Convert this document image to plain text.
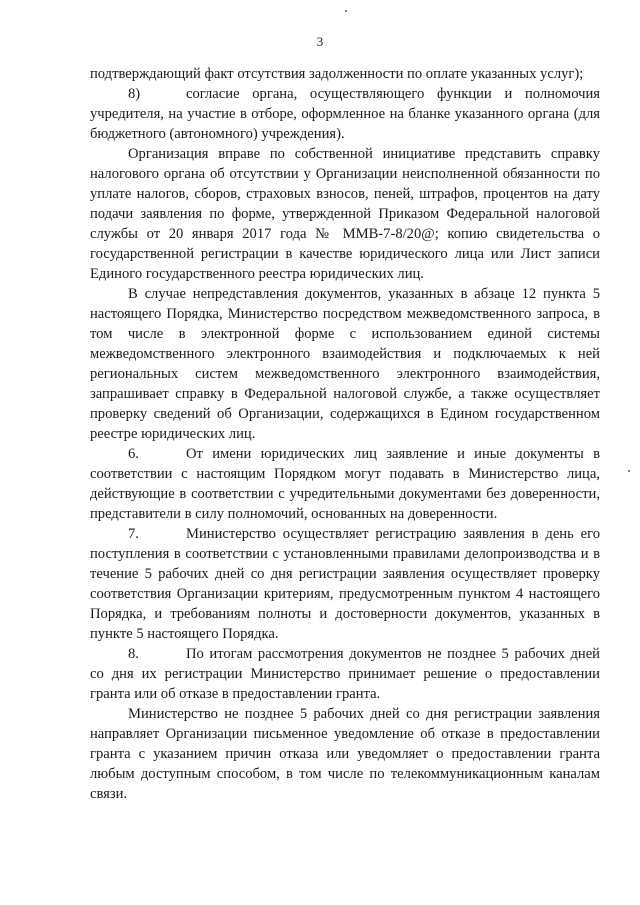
3

подтверждающий факт отсутствия задолженности по оплате указанных услуг);

8)	согласие органа, осуществляющего функции и полномочия учредителя, на участие в отборе, оформленное на бланке указанного органа (для бюджетного (автономного) учреждения).

Организация вправе по собственной инициативе представить справку налогового органа об отсутствии у Организации неисполненной обязанности по уплате налогов, сборов, страховых взносов, пеней, штрафов, процентов на дату подачи заявления по форме, утвержденной Приказом Федеральной налоговой службы от 20 января 2017 года № ММВ-7-8/20@; копию свидетельства о государственной регистрации в качестве юридического лица или Лист записи Единого государственного реестра юридических лиц.

В случае непредставления документов, указанных в абзаце 12 пункта 5 настоящего Порядка, Министерство посредством межведомственного запроса, в том числе в электронной форме с использованием единой системы межведомственного электронного взаимодействия и подключаемых к ней региональных систем межведомственного электронного взаимодействия, запрашивает справку в Федеральной налоговой службе, а также осуществляет проверку сведений об Организации, содержащихся в Едином государственном реестре юридических лиц.

6.	От имени юридических лиц заявление и иные документы в соответствии с настоящим Порядком могут подавать в Министерство лица, действующие в соответствии с учредительными документами без доверенности, представители в силу полномочий, основанных на доверенности.

7.	Министерство осуществляет регистрацию заявления в день его поступления в соответствии с установленными правилами делопроизводства и в течение 5 рабочих дней со дня регистрации заявления осуществляет проверку соответствия Организации критериям, предусмотренным пунктом 4 настоящего Порядка, и требованиям полноты и достоверности документов, указанных в пункте 5 настоящего Порядка.

8.	По итогам рассмотрения документов не позднее 5 рабочих дней со дня их регистрации Министерство принимает решение о предоставлении гранта или об отказе в предоставлении гранта.

Министерство не позднее 5 рабочих дней со дня регистрации заявления направляет Организации письменное уведомление об отказе в предоставлении гранта с указанием причин отказа или уведомляет о предоставлении гранта любым доступным способом, в том числе по телекоммуникационным каналам связи.
